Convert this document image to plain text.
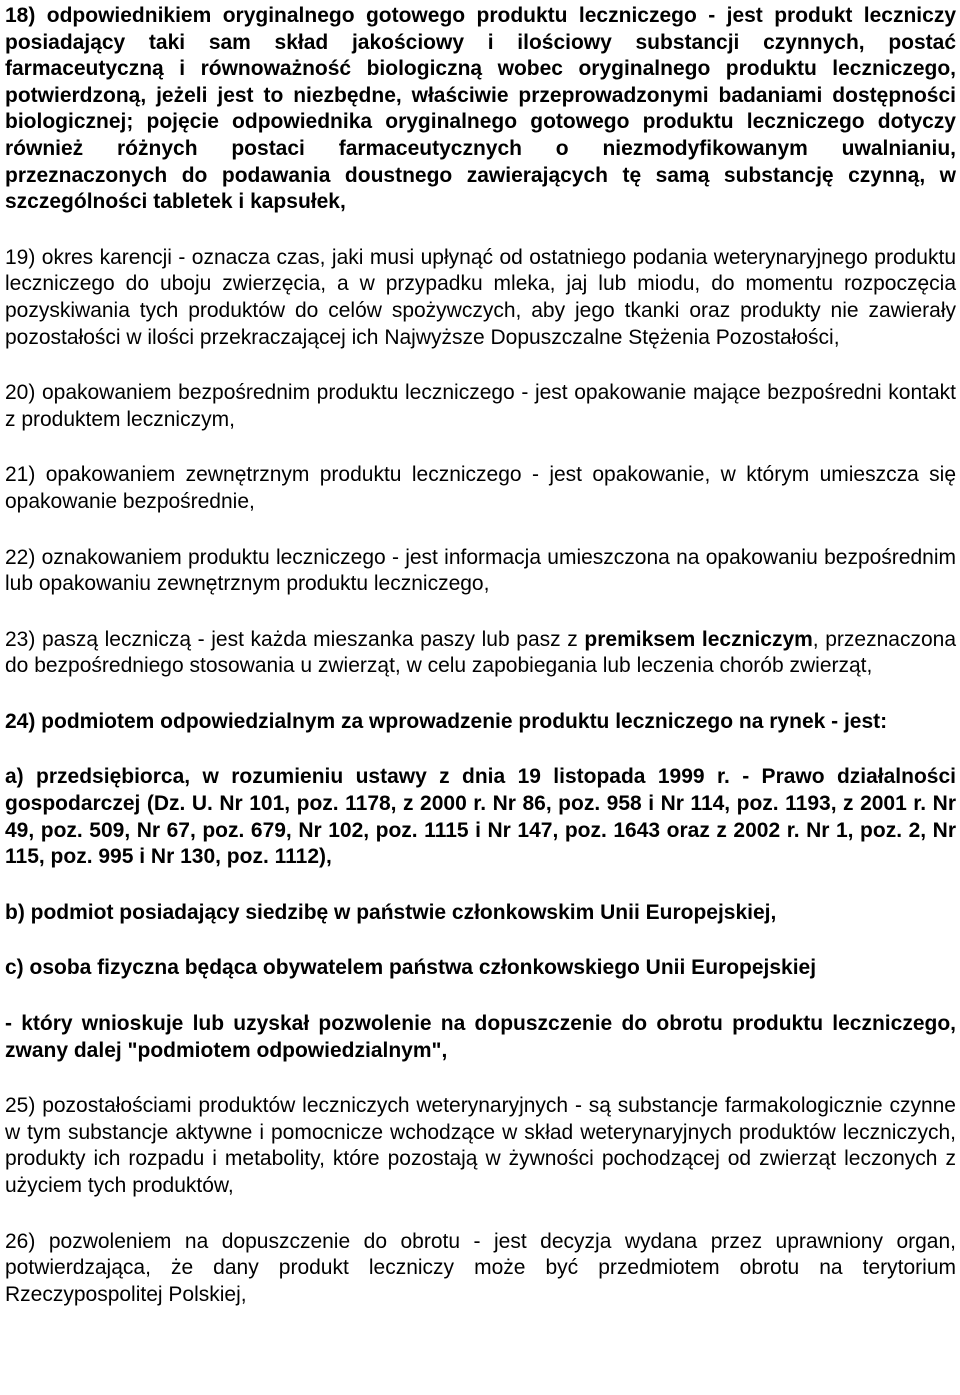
18) odpowiednikiem oryginalnego gotowego produktu leczniczego - jest produkt leczniczy posiadający taki sam skład jakościowy i ilościowy substancji czynnych, postać farmaceutyczną i równoważność biologiczną wobec oryginalnego produktu leczniczego, potwierdzoną, jeżeli jest to niezbędne, właściwie przeprowadzonymi badaniami dostępności biologicznej; pojęcie odpowiednika oryginalnego gotowego produktu leczniczego dotyczy również różnych postaci farmaceutycznych o niezmodyfikowanym uwalnianiu, przeznaczonych do podawania doustnego zawierających tę samą substancję czynną, w szczególności tabletek i kapsułek,

19) okres karencji - oznacza czas, jaki musi upłynąć od ostatniego podania weterynaryjnego produktu leczniczego do uboju zwierzęcia, a w przypadku mleka, jaj lub miodu, do momentu rozpoczęcia pozyskiwania tych produktów do celów spożywczych, aby jego tkanki oraz produkty nie zawierały pozostałości w ilości przekraczającej ich Najwyższe Dopuszczalne Stężenia Pozostałości,

20) opakowaniem bezpośrednim produktu leczniczego - jest opakowanie mające bezpośredni kontakt z produktem leczniczym,

21) opakowaniem zewnętrznym produktu leczniczego - jest opakowanie, w którym umieszcza się opakowanie bezpośrednie,

22) oznakowaniem produktu leczniczego - jest informacja umieszczona na opakowaniu bezpośrednim lub opakowaniu zewnętrznym produktu leczniczego,

23) paszą leczniczą - jest każda mieszanka paszy lub pasz z premiksem leczniczym, przeznaczona do bezpośredniego stosowania u zwierząt, w celu zapobiegania lub leczenia chorób zwierząt,

24) podmiotem odpowiedzialnym za wprowadzenie produktu leczniczego na rynek - jest:

a) przedsiębiorca, w rozumieniu ustawy z dnia 19 listopada 1999 r. - Prawo działalności gospodarczej (Dz. U. Nr 101, poz. 1178, z 2000 r. Nr 86, poz. 958 i Nr 114, poz. 1193, z 2001 r. Nr 49, poz. 509, Nr 67, poz. 679, Nr 102, poz. 1115 i Nr 147, poz. 1643 oraz z 2002 r. Nr 1, poz. 2, Nr 115, poz. 995 i Nr 130, poz. 1112),

b) podmiot posiadający siedzibę w państwie członkowskim Unii Europejskiej,

c) osoba fizyczna będąca obywatelem państwa członkowskiego Unii Europejskiej

- który wnioskuje lub uzyskał pozwolenie na dopuszczenie do obrotu produktu leczniczego, zwany dalej "podmiotem odpowiedzialnym",

25) pozostałościami produktów leczniczych weterynaryjnych - są substancje farmakologicznie czynne w tym substancje aktywne i pomocnicze wchodzące w skład weterynaryjnych produktów leczniczych, produkty ich rozpadu i metabolity, które pozostają w żywności pochodzącej od zwierząt leczonych z użyciem tych produktów,

26) pozwoleniem na dopuszczenie do obrotu - jest decyzja wydana przez uprawniony organ, potwierdzająca, że dany produkt leczniczy może być przedmiotem obrotu na terytorium Rzeczypospolitej Polskiej,
